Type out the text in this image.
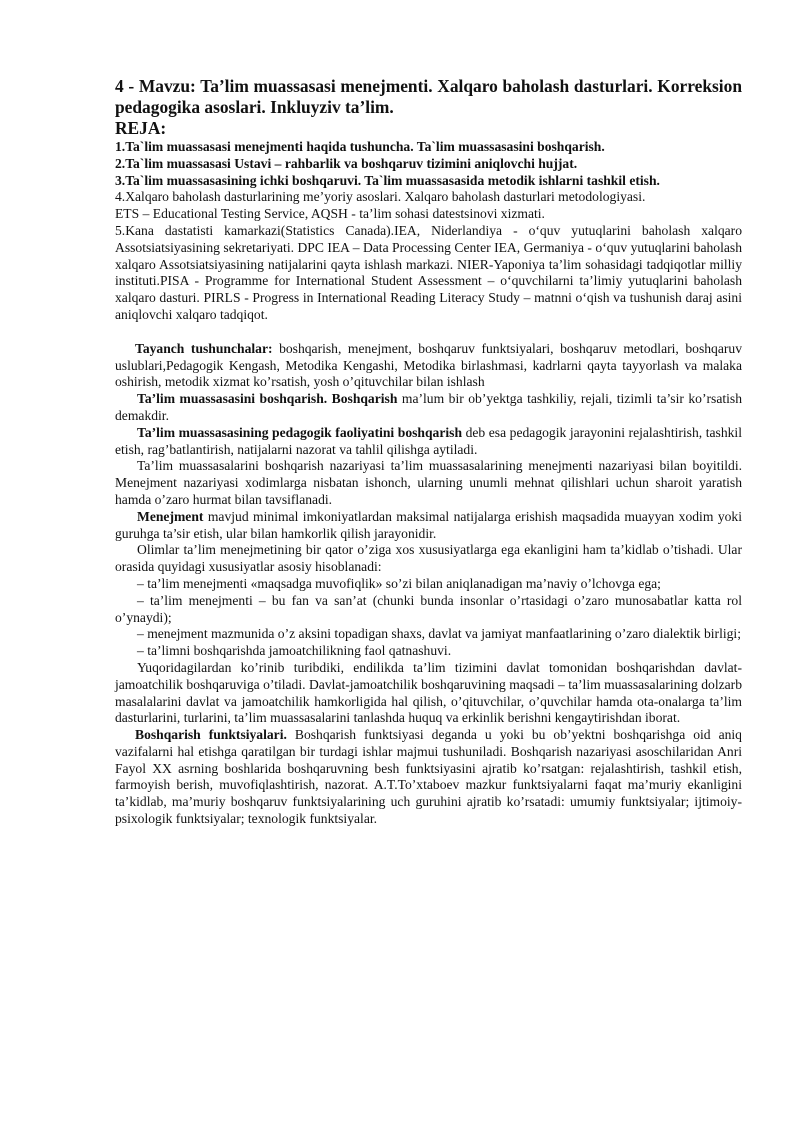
4 - Mavzu: Ta’lim muassasasi menejmenti. Xalqaro baholash dasturlari. Korreksion pedagogika asoslari. Inkluyziv ta’lim.

REJA:

1.Ta`lim muassasasi menejmenti haqida tushuncha. Ta`lim muassasasini boshqarish.

2.Ta`lim muassasasi Ustavi – rahbarlik va boshqaruv tizimini aniqlovchi hujjat.

3.Ta`lim muassasasining ichki boshqaruvi. Ta`lim muassasasida metodik ishlarni tashkil etish.

4.Xalqaro baholash dasturlarining me’yoriy asoslari. Xalqaro baholash dasturlari metodologiyasi.

ETS – Educational Testing Service, AQSH - ta’lim sohasi datestsinovi xizmati.

5.Kana dastatisti kamarkazi(Statistics Canada).IEA, Niderlandiya - o‘quv yutuqlarini baholash xalqaro Assotsiatsiyasining sekretariyati. DPC IEA – Data Processing Center IEA, Germaniya - o‘quv yutuqlarini baholash xalqaro Assotsiatsiyasining natijalarini qayta ishlash markazi. NIER-Yaponiya ta’lim sohasidagi tadqiqotlar milliy instituti.PISA - Programme for International Student Assessment – o‘quvchilarni ta’limiy yutuqlarini baholash xalqaro dasturi. PIRLS - Progress in International Reading Literacy Study – matnni o‘qish va tushunish daraj asini aniqlovchi xalqaro tadqiqot.

Tayanch tushunchalar: boshqarish, menejment, boshqaruv funktsiyalari, boshqaruv metodlari, boshqaruv uslublari,Pedagogik Kengash, Metodika Kengashi, Metodika birlashmasi, kadrlarni qayta tayyorlash va malaka oshirish, metodik xizmat ko’rsatish, yosh o’qituvchilar bilan ishlash

Ta’lim muassasasini boshqarish. Boshqarish ma’lum bir ob’yektga tashkiliy, rejali, tizimli ta’sir ko’rsatish demakdir.

Ta’lim muassasasining pedagogik faoliyatini boshqarish deb esa pedagogik jarayonini rejalashtirish, tashkil etish, rag’batlantirish, natijalarni nazorat va tahlil qilishga aytiladi.

Ta’lim muassasalarini boshqarish nazariyasi ta’lim muassasalarining menejmenti nazariyasi bilan boyitildi. Menejment nazariyasi xodimlarga nisbatan ishonch, ularning unumli mehnat qilishlari uchun sharoit yaratish hamda o’zaro hurmat bilan tavsiflanadi.

Menejment mavjud minimal imkoniyatlardan maksimal natijalarga erishish maqsadida muayyan xodim yoki guruhga ta’sir etish, ular bilan hamkorlik qilish jarayonidir.

Olimlar ta’lim menejmetining bir qator o’ziga xos xususiyatlarga ega ekanligini ham ta’kidlab o’tishadi. Ular orasida quyidagi xususiyatlar asosiy hisoblanadi:

– ta’lim menejmenti «maqsadga muvofiqlik» so’zi bilan aniqlanadigan ma’naviy o’lchovga ega;

– ta’lim menejmenti – bu fan va san’at (chunki bunda insonlar o’rtasidagi o’zaro munosabatlar katta rol o’ynaydi);

– menejment mazmunida o’z aksini topadigan shaxs, davlat va jamiyat manfaatlarining o’zaro dialektik birligi;

– ta’limni boshqarishda jamoatchilikning faol qatnashuvi.

Yuqoridagilardan ko’rinib turibdiki, endilikda ta’lim tizimini davlat tomonidan boshqarishdan davlat-jamoatchilik boshqaruviga o’tiladi. Davlat-jamoatchilik boshqaruvining maqsadi – ta’lim muassasalarining dolzarb masalalarini davlat va jamoatchilik hamkorligida hal qilish, o’qituvchilar, o’quvchilar hamda ota-onalarga ta’lim dasturlarini, turlarini, ta’lim muassasalarini tanlashda huquq va erkinlik berishni kengaytirishdan iborat.

Boshqarish funktsiyalari. Boshqarish funktsiyasi deganda u yoki bu ob’yektni boshqarishga oid aniq vazifalarni hal etishga qaratilgan bir turdagi ishlar majmui tushuniladi. Boshqarish nazariyasi asoschilaridan Anri Fayol XX asrning boshlarida boshqaruvning besh funktsiyasini ajratib ko’rsatgan: rejalashtirish, tashkil etish, farmoyish berish, muvofiqlashtirish, nazorat. A.T.To’xtaboev mazkur funktsiyalarni faqat ma’muriy ekanligini ta’kidlab, ma’muriy boshqaruv funktsiyalarining uch guruhini ajratib ko’rsatadi: umumiy funktsiyalar; ijtimoiy-psixologik funktsiyalar; texnologik funktsiyalar.
